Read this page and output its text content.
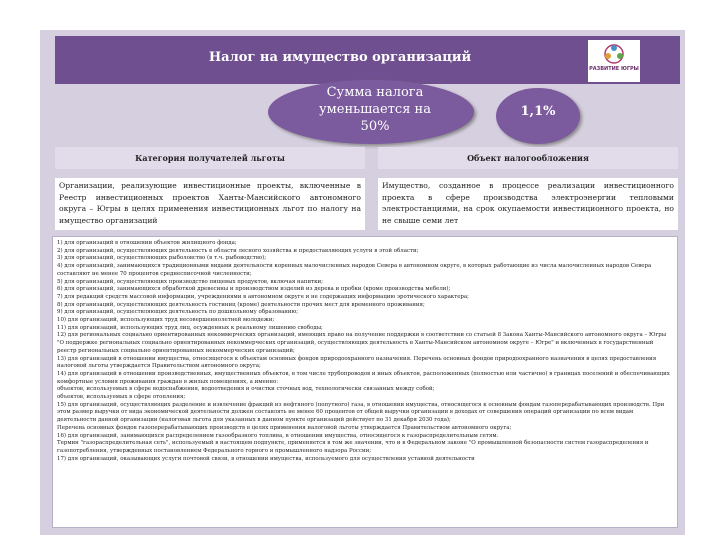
Налог на имущество организаций
РАЗВИТИЕ ЮГРЫ
Сумма налога уменьшается на 50%
1,1%
Категория получателей льготы	Объект налогообложения
Организации, реализующие инвестиционные проекты, включенные в Реестр инвестиционных проектов Ханты-Мансийского автономного округа – Югры в целях применения инвестиционных льгот по налогу на имущество организаций
Имущество, созданное в процессе реализации инвестиционного проекта в сфере производства электроэнергии тепловыми электростанциями, на срок окупаемости инвестиционного проекта, но не свыше семи лет

1) для организаций в отношении объектов жилищного фонда;

2) для организаций, осуществляющих деятельность в области лесного хозяйства и предоставляющих услуги в этой области;

3) для организаций, осуществляющих рыболовство (в т.ч. рыбоводство);

4) для организаций, занимающихся традиционными видами деятельности коренных малочисленных народов Севера в автономном округе, в которых работающие из числа малочисленных народов Севера составляют не менее 70 процентов среднесписочной численности;

5) для организаций, осуществляющих производство пищевых продуктов, включая напитки;

6) для организаций, занимающихся обработкой древесины и производством изделий из дерева и пробки (кроме производства мебели);

7) для редакций средств массовой информации, учреждениями в автономном округе и не содержащих информацию эротического характера;

8) для организаций, осуществляющих деятельность гостиниц (кроме) деятельности прочих мест для временного проживания;

9) для организаций, осуществляющих деятельность по дошкольному образованию;

10) для организаций, использующих труд несовершеннолетней молодежи;

11) для организаций, использующих труд лиц, осужденных к реальному лишению свободы;

12) для региональных социально ориентированных некоммерческих организаций, имеющих право на получение поддержки в соответствии со статьей 8 Закона Ханты-Мансийского автономного округа – Югры "О поддержке региональных социально ориентированных некоммерческих организаций, осуществляющих деятельность в Ханты-Мансийском автономном округе – Югре" и включенных в государственный реестр региональных социально ориентированных некоммерческих организаций;

13) для организаций в отношении имущества, относящегося к объектам основных фондов природоохранного назначения. Перечень основных фондов природоохранного назначения в целях предоставления налоговой льготы утверждается Правительством автономного округа;

14) для организаций в отношении производственных, имущественных объектов, в том числе трубопроводов и иных объектов, расположенных (полностью или частично) в границах поселений и обеспечивающих комфортные условия проживания граждан в жилых помещениях, а именно:

объектов, используемых в сфере водоснабжения, водоотведения и очистки сточных вод, технологически связанных между собой;

объектов, используемых в сфере отопления;

15) для организаций, осуществляющих разделение и извлечение фракций из нефтяного (попутного) газа, в отношении имущества, относящегося к основным фондам газоперерабатывающих производств. При этом размер выручки от вида экономической деятельности должен составлять не менее 60 процентов от общей выручки организации в доходах от совершения операций организации по всем видам деятельности данной организации (налоговая льгота для указанных в данном пункте организаций действует по 31 декабря 2030 года);

Перечень основных фондов газоперерабатывающих производств в целях применения налоговой льготы утверждается Правительством автономного округа;

16) для организаций, занимающихся распределением газообразного топлива, в отношении имущества, относящегося к газораспределительным сетям.

Термин "газораспределительная сеть", используемый в настоящем подпункте, применяется в том же значении, что и в Федеральном законе "О промышленной безопасности систем газораспределения и газопотребления, утвержденных постановлением Федерального горного и промышленного надзора России;

17) для организаций, оказывающих услуги почтовой связи, в отношении имущества, используемого для осуществления уставной деятельности
